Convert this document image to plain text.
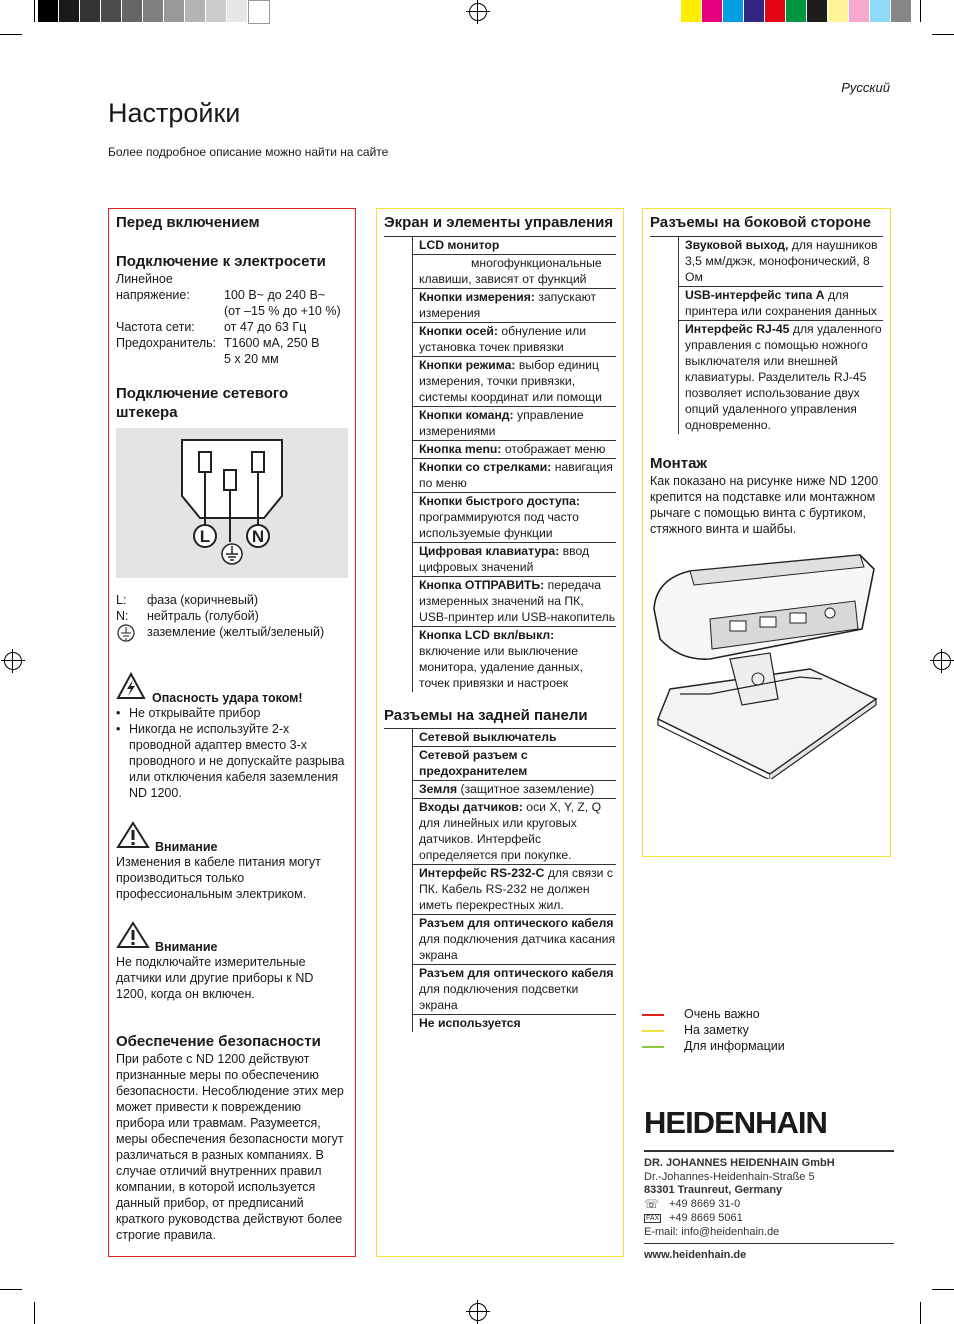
Русский
Настройки
Более подробное описание можно найти на сайте
Перед включением
Подключение к электросети
Линейное
напряжение:	100 В~ до 240 В~
(от –15 % до +10 %)
Частота сети:	от 47 до 63 Гц
Предохранитель: T1600 мА, 250 В
5 x 20 мм
Подключение сетевого штекера
L N
L:	фаза (коричневый)
N:	нейтраль (голубой)
заземление (желтый/зеленый)
Опасность удара током!
• Не открывайте прибор
• Никогда не используйте 2-х проводной адаптер вместо 3-х проводного и не допускайте разрыва или отключения кабеля заземления ND 1200.
Внимание
Изменения в кабеле питания могут производиться только профессиональным электриком.
Внимание
Не подключайте измерительные датчики или другие приборы к ND 1200, когда он включен.
Обеспечение безопасности
При работе с ND 1200 действуют признанные меры по обеспечению безопасности. Несоблюдение этих мер может привести к повреждению прибора или травмам. Разумеется, меры обеспечения безопасности могут различаться в разных компаниях. В случае отличий внутренних правил компании, в которой используется данный прибор, от предписаний краткого руководства действуют более строгие правила.
Экран и элементы управления
	LCD монитор
	многофункциональные клавиши, зависят от функций
	Кнопки измерения: запускают измерения
	Кнопки осей: обнуление или установка точек привязки
	Кнопки режима: выбор единиц измерения, точки привязки, системы координат или помощи
	Кнопки команд: управление измерениями
	Кнопка menu: отображает меню
	Кнопки со стрелками: навигация по меню
	Кнопки быстрого доступа: программируются под часто используемые функции
	Цифровая клавиатура: ввод цифровых значений
	Кнопка ОТПРАВИТЬ: передача измеренных значений на ПК, USB-принтер или USB-накопитель
	Кнопка LCD вкл/выкл: включение или выключение монитора, удаление данных, точек привязки и настроек
Разъемы на задней панели
	Сетевой выключатель
	Сетевой разъем с предохранителем
	Земля (защитное заземление)
	Входы датчиков: оси X, Y, Z, Q для линейных или круговых датчиков. Интерфейс определяется при покупке.
	Интерфейс RS-232-C для связи с ПК. Кабель RS-232 не должен иметь перекрестных жил.
	Разъем для оптического кабеля для подключения датчика касания экрана
	Разъем для оптического кабеля для подключения подсветки экрана
	Не используется
Разъемы на боковой стороне
	Звуковой выход, для наушников 3,5 мм/джэк, монофонический, 8 Ом
	USB-интерфейс типа А для принтера или сохранения данных
	Интерфейс RJ-45 для удаленного управления с помощью ножного выключателя или внешней клавиатуры. Разделитель RJ-45 позволяет использование двух опций удаленного управления одновременно.
Монтаж
Как показано на рисунке ниже ND 1200 крепится на подставке или монтажном рычаге с помощью винта с буртиком, стяжного винта и шайбы.
Очень важно
На заметку
Для информации
HEIDENHAIN
DR. JOHANNES HEIDENHAIN GmbH
Dr.-Johannes-Heidenhain-Straße 5
83301 Traunreut, Germany
☏ +49 8669 31-0
FAX +49 8669 5061
E-mail: info@heidenhain.de
www.heidenhain.de
